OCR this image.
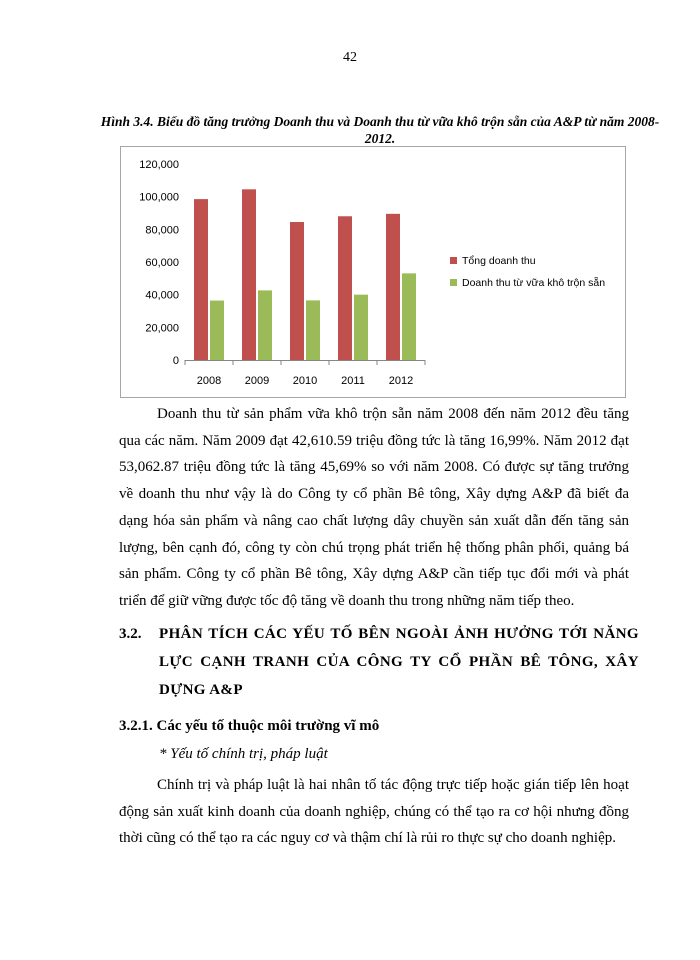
42
Hình 3.4. Biểu đồ tăng trưởng Doanh thu và Doanh thu từ vữa khô trộn sẵn của A&P từ năm 2008-2012.
0
20,000
40,000
60,000
80,000
100,000
120,000
2008 2009 2010 2011 2012
Tổng doanh thu
Doanh thu từ vữa khô trộn sẵn

Doanh thu từ sản phẩm vữa khô trộn sẵn năm 2008 đến năm 2012 đều tăng qua các năm. Năm 2009 đạt 42,610.59 triệu đồng tức là tăng 16,99%. Năm 2012 đạt 53,062.87 triệu đồng tức là tăng 45,69% so với năm 2008. Có được sự tăng trưởng về doanh thu như vậy là do Công ty cổ phần Bê tông, Xây dựng A&P đã biết đa dạng hóa sản phẩm và nâng cao chất lượng dây chuyền sản xuất dẫn đến tăng sản lượng, bên cạnh đó, công ty còn chú trọng phát triển hệ thống phân phối, quảng bá sản phẩm. Công ty cổ phần Bê tông, Xây dựng A&P cần tiếp tục đổi mới và phát triển để giữ vững được tốc độ tăng về doanh thu trong những năm tiếp theo.

3.2. PHÂN TÍCH CÁC YẾU TỐ BÊN NGOÀI ẢNH HƯỞNG TỚI NĂNG LỰC CẠNH TRANH CỦA CÔNG TY CỔ PHẦN BÊ TÔNG, XÂY DỰNG A&P
3.2.1. Các yếu tố thuộc môi trường vĩ mô
* Yếu tố chính trị, pháp luật

Chính trị và pháp luật là hai nhân tố tác động trực tiếp hoặc gián tiếp lên hoạt động sản xuất kinh doanh của doanh nghiệp, chúng có thể tạo ra cơ hội nhưng đồng thời cũng có thể tạo ra các nguy cơ và thậm chí là rủi ro thực sự cho doanh nghiệp.
